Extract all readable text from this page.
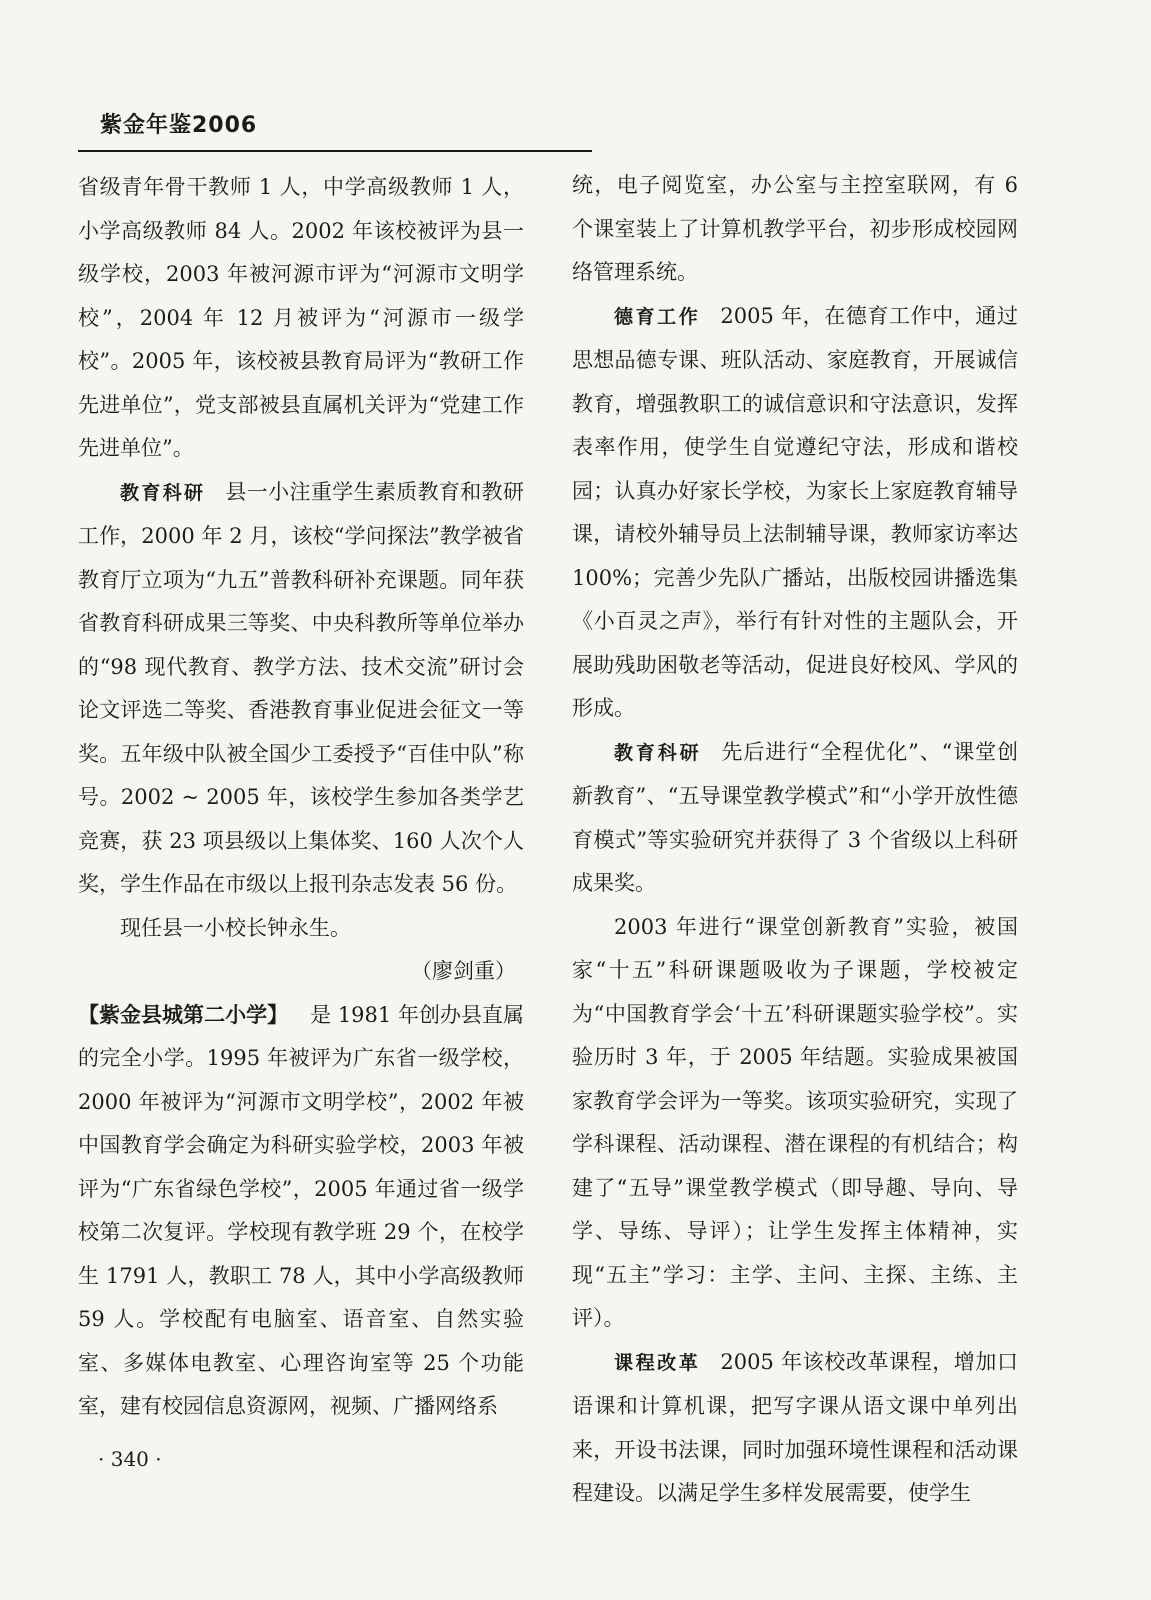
紫金年鉴2006

省级青年骨干教师 1 人，中学高级教师 1 人，小学高级教师 84 人。2002 年该校被评为县一级学校，2003 年被河源市评为“河源市文明学校”，2004 年 12 月被评为“河源市一级学校”。2005 年，该校被县教育局评为“教研工作先进单位”，党支部被县直属机关评为“党建工作先进单位”。

教育科研 县一小注重学生素质教育和教研工作，2000 年 2 月，该校“学问探法”教学被省教育厅立项为“九五”普教科研补充课题。同年获省教育科研成果三等奖、中央科教所等单位举办的“98 现代教育、教学方法、技术交流”研讨会论文评选二等奖、香港教育事业促进会征文一等奖。五年级中队被全国少工委授予“百佳中队”称号。2002 ~ 2005 年，该校学生参加各类学艺竞赛，获 23 项县级以上集体奖、160 人次个人奖，学生作品在市级以上报刊杂志发表 56 份。

现任县一小校长钟永生。

（廖剑重）

【紫金县城第二小学】 是 1981 年创办县直属的完全小学。1995 年被评为广东省一级学校，2000 年被评为“河源市文明学校”，2002 年被中国教育学会确定为科研实验学校，2003 年被评为“广东省绿色学校”，2005 年通过省一级学校第二次复评。学校现有教学班 29 个，在校学生 1791 人，教职工 78 人，其中小学高级教师 59 人。学校配有电脑室、语音室、自然实验室、多媒体电教室、心理咨询室等 25 个功能室，建有校园信息资源网，视频、广播网络系

统，电子阅览室，办公室与主控室联网，有 6 个课室装上了计算机教学平台，初步形成校园网络管理系统。

德育工作 2005 年，在德育工作中，通过思想品德专课、班队活动、家庭教育，开展诚信教育，增强教职工的诚信意识和守法意识，发挥表率作用，使学生自觉遵纪守法，形成和谐校园；认真办好家长学校，为家长上家庭教育辅导课，请校外辅导员上法制辅导课，教师家访率达 100%；完善少先队广播站，出版校园讲播选集《小百灵之声》，举行有针对性的主题队会，开展助残助困敬老等活动，促进良好校风、学风的形成。

教育科研 先后进行“全程优化”、“课堂创新教育”、“五导课堂教学模式”和“小学开放性德育模式”等实验研究并获得了 3 个省级以上科研成果奖。

2003 年进行“课堂创新教育”实验，被国家“十五”科研课题吸收为子课题，学校被定为“中国教育学会‘十五’科研课题实验学校”。实验历时 3 年，于 2005 年结题。实验成果被国家教育学会评为一等奖。该项实验研究，实现了学科课程、活动课程、潜在课程的有机结合；构建了“五导”课堂教学模式（即导趣、导向、导学、导练、导评）；让学生发挥主体精神，实现“五主”学习：主学、主问、主探、主练、主评）。

课程改革 2005 年该校改革课程，增加口语课和计算机课，把写字课从语文课中单列出来，开设书法课，同时加强环境性课程和活动课程建设。以满足学生多样发展需要，使学生

· 340 ·
